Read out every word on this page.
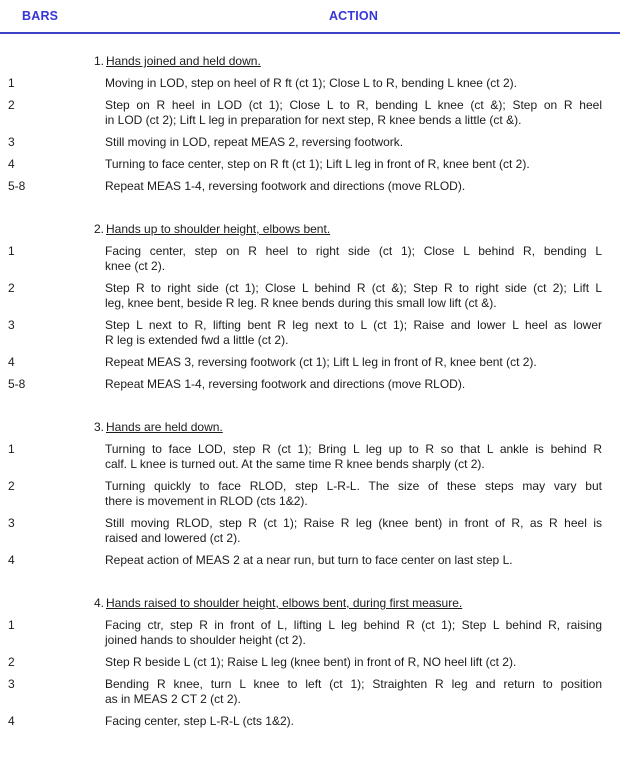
BARS	ACTION
1. Hands joined and held down.
1	Moving in LOD, step on heel of R ft (ct 1); Close L to R, bending L knee (ct 2).
2	Step on R heel in LOD (ct 1); Close L to R, bending L knee (ct &); Step on R heel
in LOD (ct 2); Lift L leg in preparation for next step, R knee bends a little (ct &).
3	Still moving in LOD, repeat MEAS 2, reversing footwork.
4	Turning to face center, step on R ft (ct 1); Lift L leg in front of R, knee bent (ct 2).
5-8	Repeat MEAS 1-4, reversing footwork and directions (move RLOD).
2. Hands up to shoulder height, elbows bent.
1	Facing center, step on R heel to right side (ct 1); Close L behind R, bending L
knee (ct 2).
2	Step R to right side (ct 1); Close L behind R (ct &); Step R to right side (ct 2); Lift L
leg, knee bent, beside R leg. R knee bends during this small low lift (ct &).
3	Step L next to R, lifting bent R leg next to L (ct 1); Raise and lower L heel as lower
R leg is extended fwd a little (ct 2).
4	Repeat MEAS 3, reversing footwork (ct 1); Lift L leg in front of R, knee bent (ct 2).
5-8	Repeat MEAS 1-4, reversing footwork and directions (move RLOD).
3. Hands are held down.
1	Turning to face LOD, step R (ct 1); Bring L leg up to R so that L ankle is behind R
calf. L knee is turned out. At the same time R knee bends sharply (ct 2).
2	Turning quickly to face RLOD, step L-R-L. The size of these steps may vary but
there is movement in RLOD (cts 1&2).
3	Still moving RLOD, step R (ct 1); Raise R leg (knee bent) in front of R, as R heel is
raised and lowered (ct 2).
4	Repeat action of MEAS 2 at a near run, but turn to face center on last step L.
4. Hands raised to shoulder height, elbows bent, during first measure.
1	Facing ctr, step R in front of L, lifting L leg behind R (ct 1); Step L behind R, raising
joined hands to shoulder height (ct 2).
2	Step R beside L (ct 1); Raise L leg (knee bent) in front of R, NO heel lift (ct 2).
3	Bending R knee, turn L knee to left (ct 1); Straighten R leg and return to position
as in MEAS 2 CT 2 (ct 2).
4	Facing center, step L-R-L (cts 1&2).
